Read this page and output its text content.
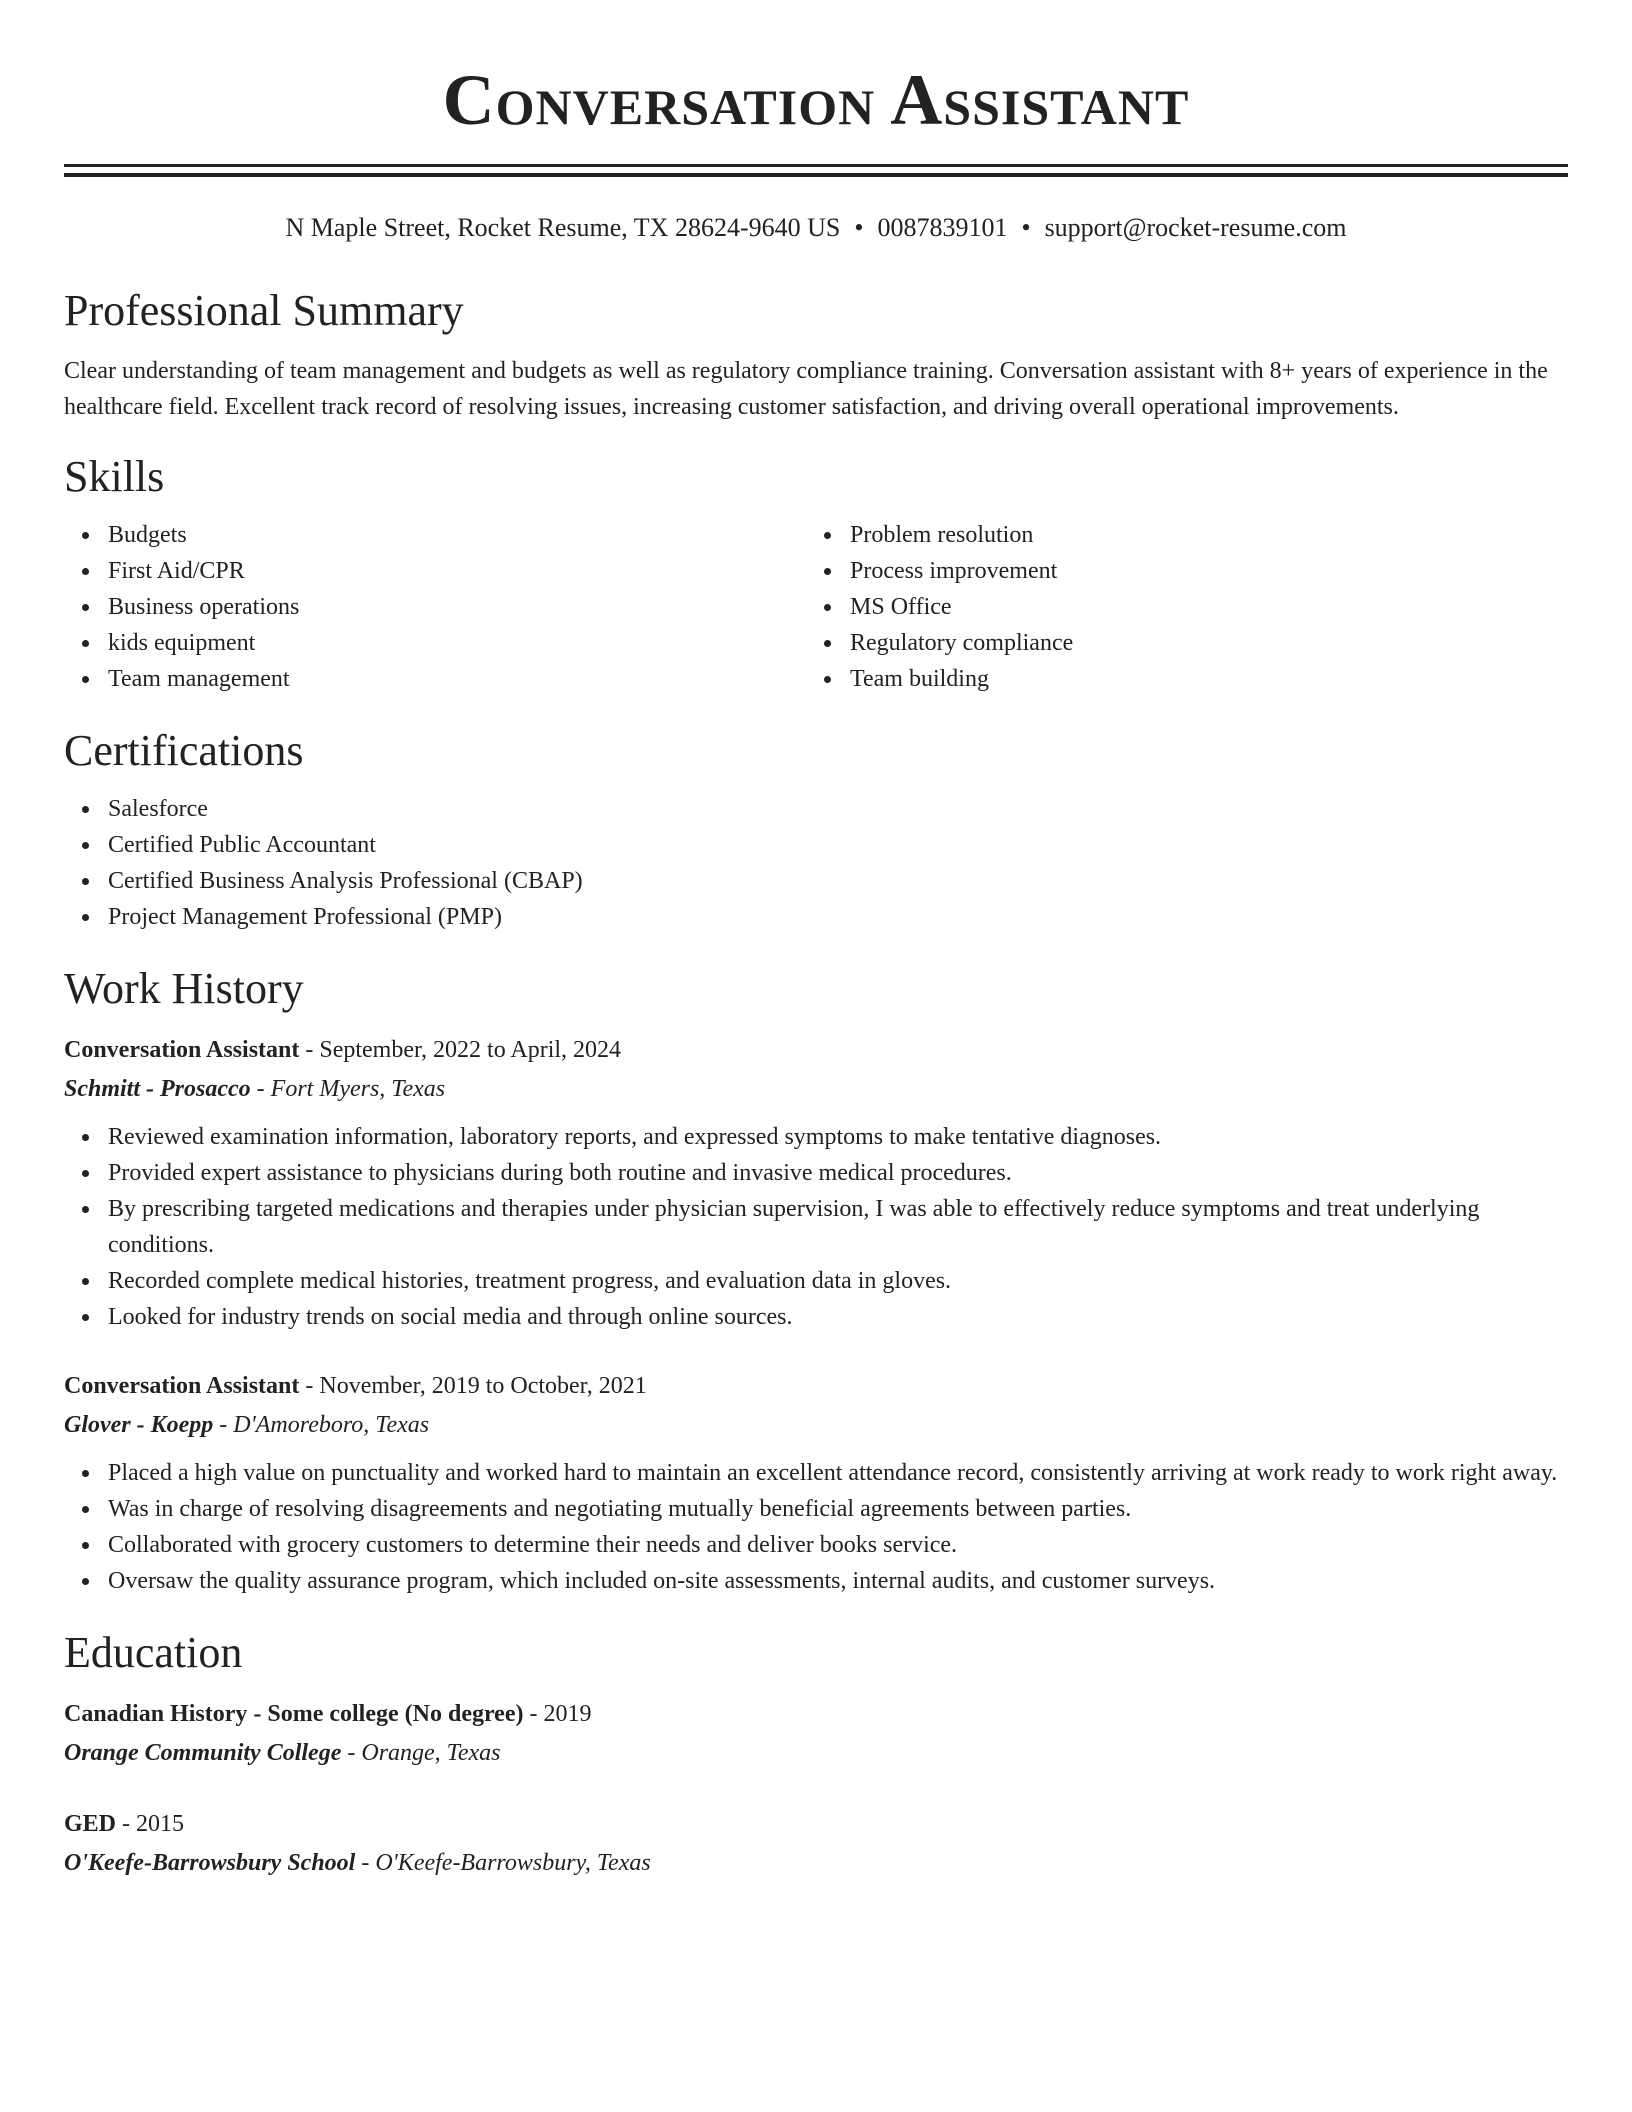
Conversation Assistant
N Maple Street, Rocket Resume, TX 28624-9640 US • 0087839101 • support@rocket-resume.com
Professional Summary
Clear understanding of team management and budgets as well as regulatory compliance training. Conversation assistant with 8+ years of experience in the healthcare field. Excellent track record of resolving issues, increasing customer satisfaction, and driving overall operational improvements.
Skills
Budgets
First Aid/CPR
Business operations
kids equipment
Team management
Problem resolution
Process improvement
MS Office
Regulatory compliance
Team building
Certifications
Salesforce
Certified Public Accountant
Certified Business Analysis Professional (CBAP)
Project Management Professional (PMP)
Work History
Conversation Assistant - September, 2022 to April, 2024
Schmitt - Prosacco - Fort Myers, Texas
Reviewed examination information, laboratory reports, and expressed symptoms to make tentative diagnoses.
Provided expert assistance to physicians during both routine and invasive medical procedures.
By prescribing targeted medications and therapies under physician supervision, I was able to effectively reduce symptoms and treat underlying conditions.
Recorded complete medical histories, treatment progress, and evaluation data in gloves.
Looked for industry trends on social media and through online sources.
Conversation Assistant - November, 2019 to October, 2021
Glover - Koepp - D'Amoreboro, Texas
Placed a high value on punctuality and worked hard to maintain an excellent attendance record, consistently arriving at work ready to work right away.
Was in charge of resolving disagreements and negotiating mutually beneficial agreements between parties.
Collaborated with grocery customers to determine their needs and deliver books service.
Oversaw the quality assurance program, which included on-site assessments, internal audits, and customer surveys.
Education
Canadian History - Some college (No degree) - 2019
Orange Community College - Orange, Texas
GED - 2015
O'Keefe-Barrowsbury School - O'Keefe-Barrowsbury, Texas
